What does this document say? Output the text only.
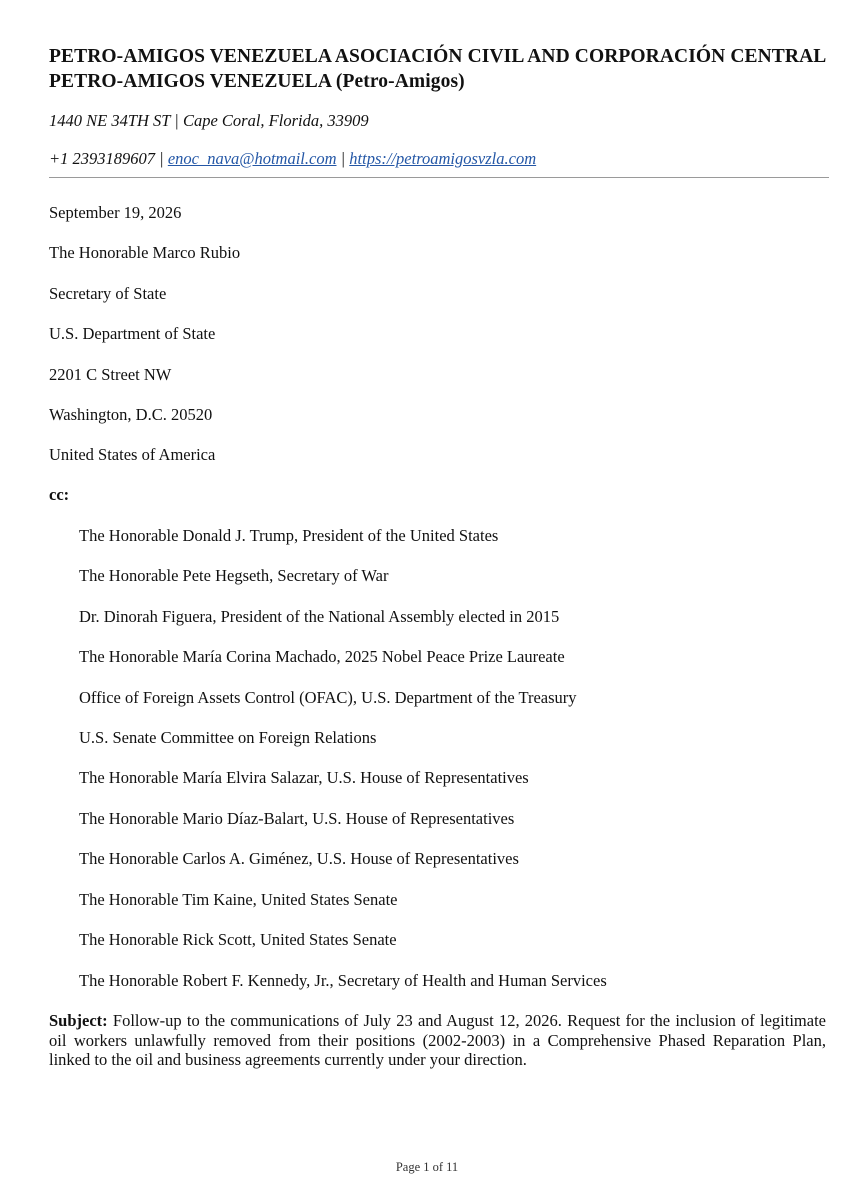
PETRO-AMIGOS VENEZUELA ASOCIACIÓN CIVIL AND CORPORACIÓN CENTRAL PETRO-AMIGOS VENEZUELA (Petro-Amigos)
1440 NE 34TH ST | Cape Coral, Florida, 33909
+1 2393189607 | enoc_nava@hotmail.com | https://petroamigosvzla.com
September 19, 2026
The Honorable Marco Rubio
Secretary of State
U.S. Department of State
2201 C Street NW
Washington, D.C. 20520
United States of America
cc:
The Honorable Donald J. Trump, President of the United States
The Honorable Pete Hegseth, Secretary of War
Dr. Dinorah Figuera, President of the National Assembly elected in 2015
The Honorable María Corina Machado, 2025 Nobel Peace Prize Laureate
Office of Foreign Assets Control (OFAC), U.S. Department of the Treasury
U.S. Senate Committee on Foreign Relations
The Honorable María Elvira Salazar, U.S. House of Representatives
The Honorable Mario Díaz-Balart, U.S. House of Representatives
The Honorable Carlos A. Giménez, U.S. House of Representatives
The Honorable Tim Kaine, United States Senate
The Honorable Rick Scott, United States Senate
The Honorable Robert F. Kennedy, Jr., Secretary of Health and Human Services

Subject: Follow-up to the communications of July 23 and August 12, 2026. Request for the inclusion of legitimate oil workers unlawfully removed from their positions (2002-2003) in a Comprehensive Phased Reparation Plan, linked to the oil and business agreements currently under your direction.

Page 1 of 11
